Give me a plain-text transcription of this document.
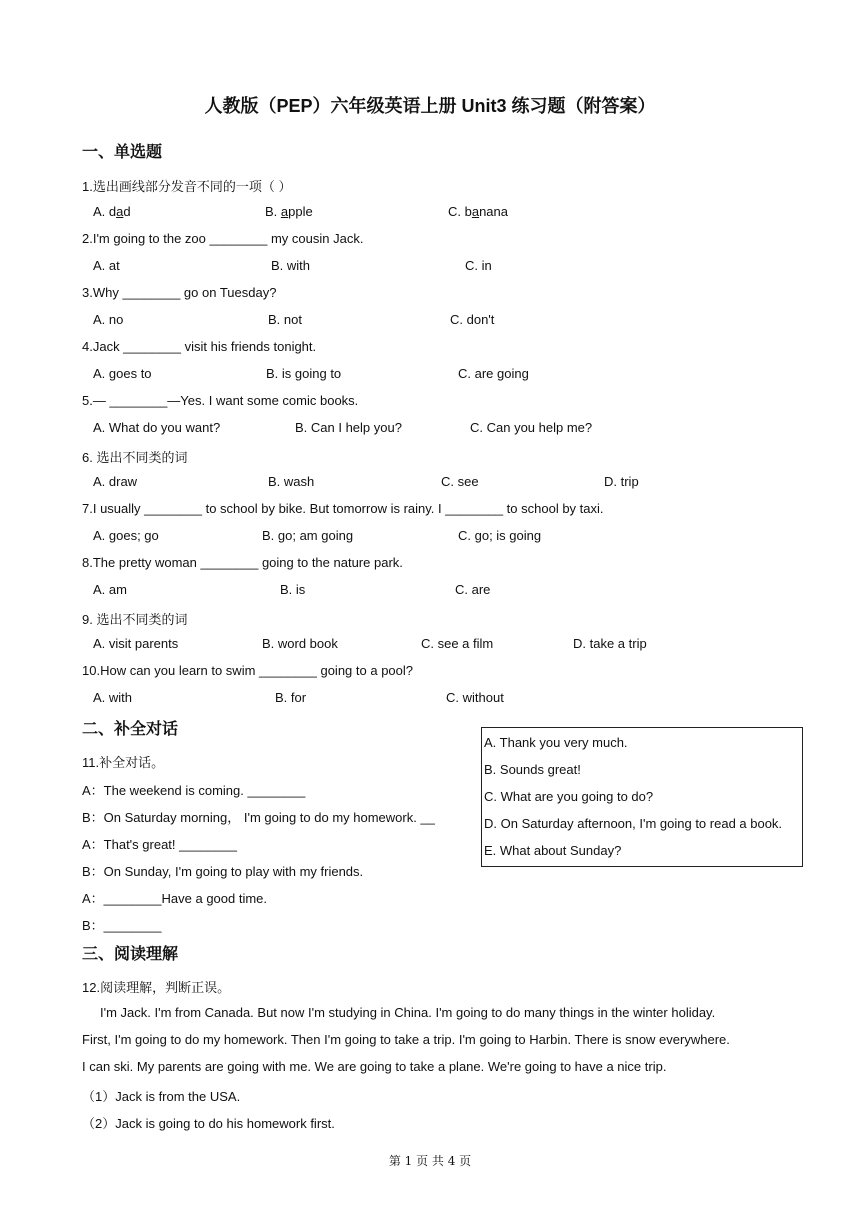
人教版（PEP）六年级英语上册 Unit3 练习题（附答案）
一、单选题
1.选出画线部分发音不同的一项（ ）
A. dad	B. apple	C. banana
2.I'm going to the zoo ________ my cousin Jack.
A. at	B. with	C. in
3.Why ________ go on Tuesday?
A. no	B. not	C. don't
4.Jack ________ visit his friends tonight.
A. goes to	B. is going to	C. are going
5.— ________—Yes. I want some comic books.
A. What do you want?	B. Can I help you?	C. Can you help me?
6. 选出不同类的词
A. draw	B. wash	C. see	D. trip
7.I usually ________ to school by bike. But tomorrow is rainy. I ________ to school by taxi.
A. goes; go	B. go; am going	C. go; is going
8.The pretty woman ________ going to the nature park.
A. am	B. is	C. are
9. 选出不同类的词
A. visit parents	B. word book	C. see a film	D. take a trip
10.How can you learn to swim ________ going to a pool?
A. with	B. for	C. without
二、补全对话
11.补全对话。
A：The weekend is coming. ________
B：On Saturday morning， I'm going to do my homework. __
A：That's great! ________
B：On Sunday, I'm going to play with my friends.
A：________Have a good time.
B：________
A. Thank you very much.
B. Sounds great!
C. What are you going to do?
D. On Saturday afternoon, I'm going to read a book.
E. What about Sunday?
三、阅读理解
12.阅读理解，判断正误。
I'm Jack. I'm from Canada. But now I'm studying in China. I'm going to do many things in the winter holiday.
First, I'm going to do my homework. Then I'm going to take a trip. I'm going to Harbin. There is snow everywhere.
I can ski. My parents are going with me. We are going to take a plane. We're going to have a nice trip.
（1）Jack is from the USA.
（2）Jack is going to do his homework first.
第 1 页 共 4 页
